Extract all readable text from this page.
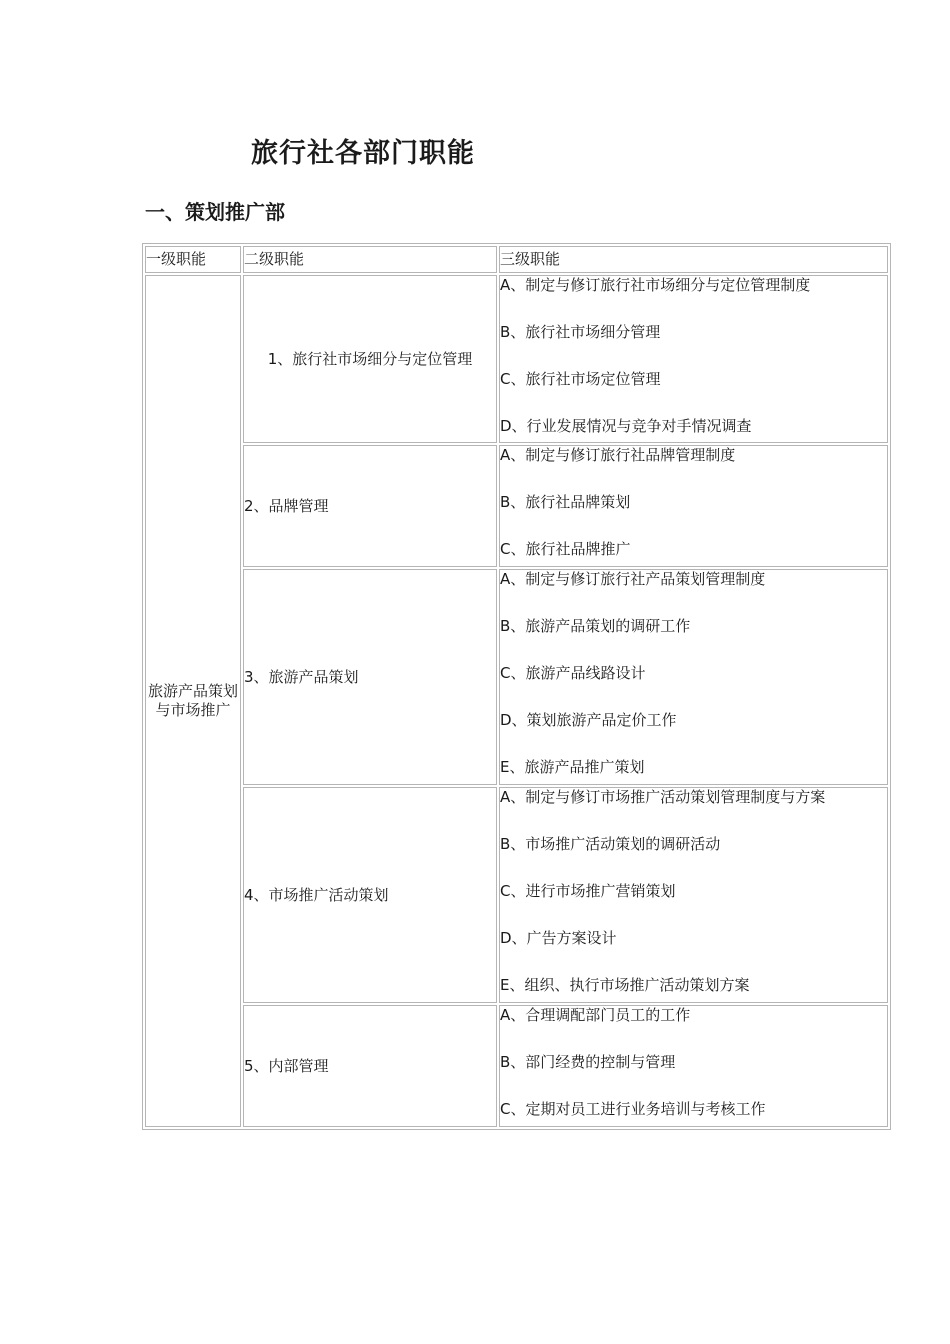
旅行社各部门职能
一、策划推广部
一级职能	二级职能	三级职能
旅游产品策划与市场推广	1、旅行社市场细分与定位管理	A、制定与修订旅行社市场细分与定位管理制度
B、旅行社市场细分管理
C、旅行社市场定位管理
D、行业发展情况与竞争对手情况调查

	2、品牌管理	A、制定与修订旅行社品牌管理制度
B、旅行社品牌策划
C、旅行社品牌推广

	3、旅游产品策划	A、制定与修订旅行社产品策划管理制度
B、旅游产品策划的调研工作
C、旅游产品线路设计
D、策划旅游产品定价工作
E、旅游产品推广策划

	4、市场推广活动策划	A、制定与修订市场推广活动策划管理制度与方案
B、市场推广活动策划的调研活动
C、进行市场推广营销策划
D、广告方案设计
E、组织、执行市场推广活动策划方案

	5、内部管理	A、合理调配部门员工的工作
B、部门经费的控制与管理
C、定期对员工进行业务培训与考核工作
